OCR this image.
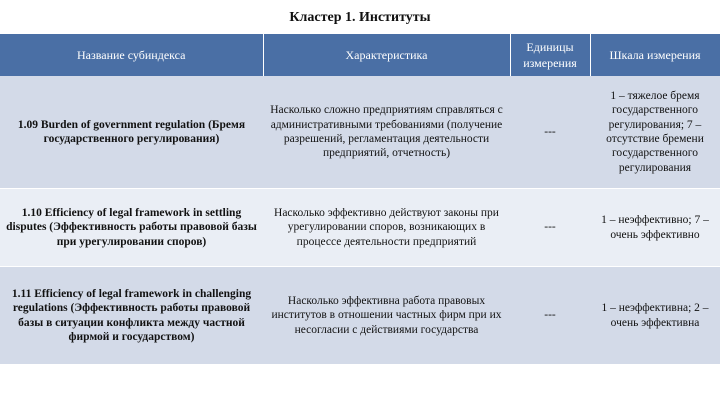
Кластер 1. Институты
Название субиндекса	Характеристика	Единицы измерения	Шкала измерения
1.09 Burden of government regulation (Бремя государственного регулирования)	Насколько сложно предприятиям справляться с административными требованиями (получение разрешений, регламентация деятельности предприятий, отчетность)	---	1 – тяжелое бремя государственного регулирования; 7 – отсутствие бремени государственного регулирования
1.10 Efficiency of legal framework in settling disputes (Эффективность работы правовой базы при урегулировании споров)	Насколько эффективно действуют законы при урегулировании споров, возникающих в процессе деятельности предприятий	---	1 – неэффективно; 7 – очень эффективно
1.11 Efficiency of legal framework in challenging regulations (Эффективность работы правовой базы в ситуации конфликта между частной фирмой и государством)	Насколько эффективна работа правовых институтов в отношении частных фирм при их несогласии с действиями государства	---	1 – неэффективна; 2 – очень эффективна
